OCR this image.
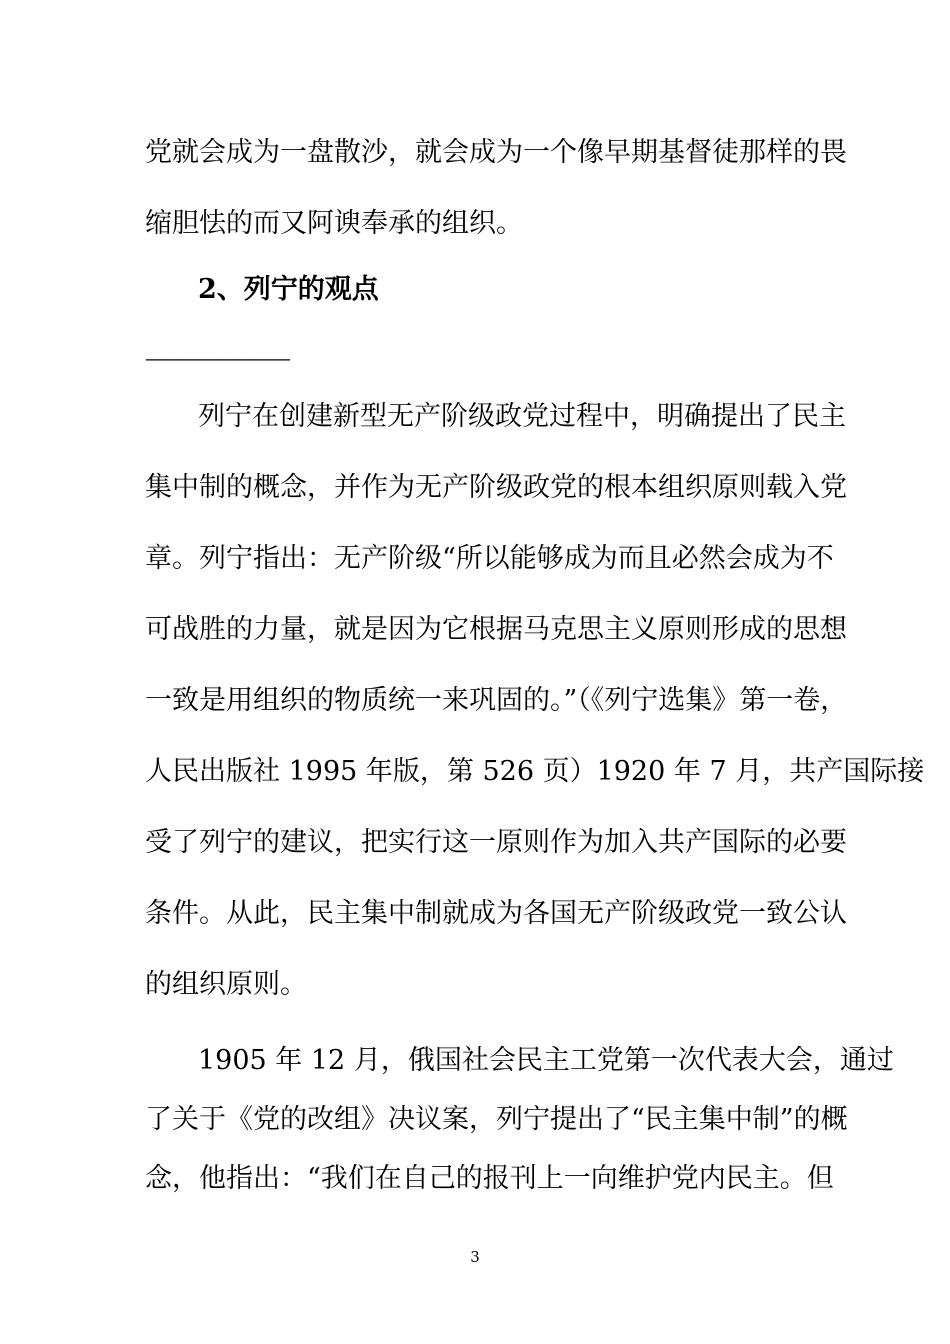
党就会成为一盘散沙，就会成为一个像早期基督徒那样的畏
缩胆怯的而又阿谀奉承的组织。
2、列宁的观点
————————
列宁在创建新型无产阶级政党过程中，明确提出了民主
集中制的概念，并作为无产阶级政党的根本组织原则载入党
章。列宁指出：无产阶级“所以能够成为而且必然会成为不
可战胜的力量，就是因为它根据马克思主义原则形成的思想
一致是用组织的物质统一来巩固的。”（《列宁选集》第一卷，
人民出版社 1995 年版，第 526 页）1920 年 7 月，共产国际接
受了列宁的建议，把实行这一原则作为加入共产国际的必要
条件。从此，民主集中制就成为各国无产阶级政党一致公认
的组织原则。
1905 年 12 月，俄国社会民主工党第一次代表大会，通过
了关于《党的改组》决议案，列宁提出了“民主集中制”的概
念，他指出：“我们在自己的报刊上一向维护党内民主。但
3
